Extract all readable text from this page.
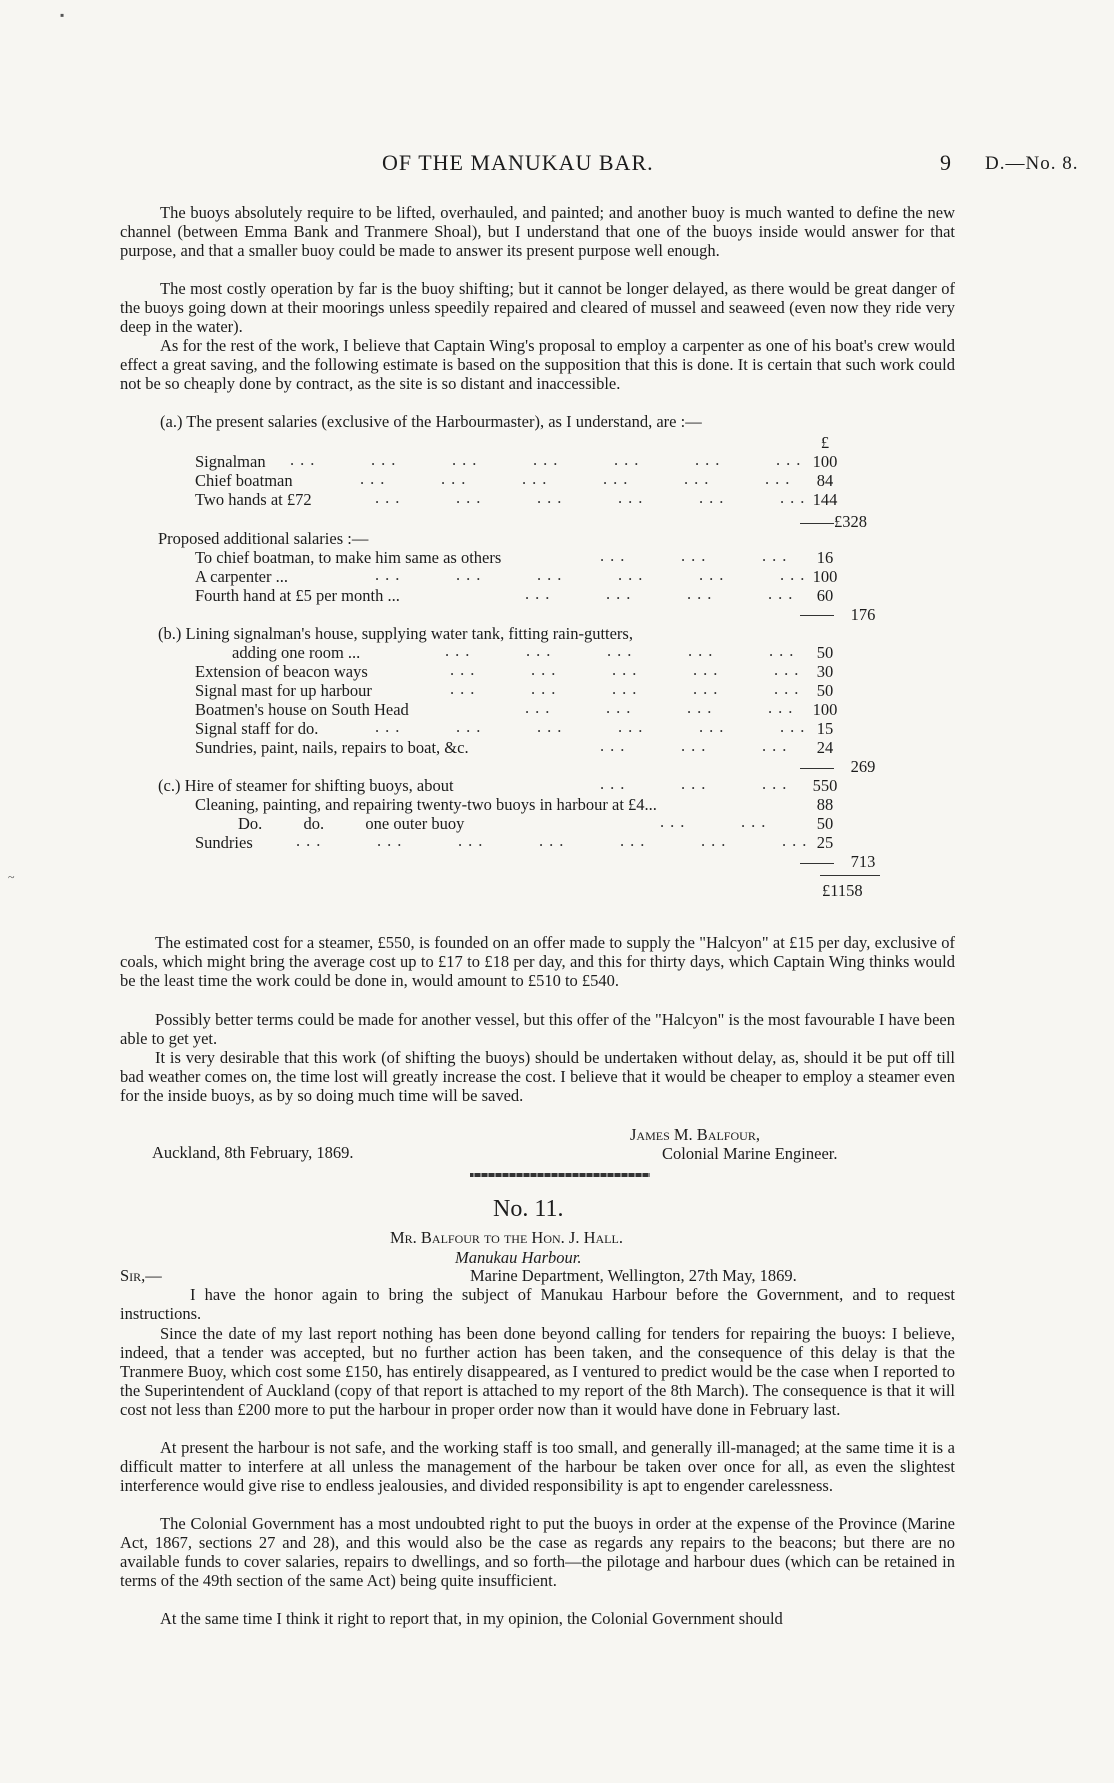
▪
~
OF THE MANUKAU BAR.	9 D.—No. 8.
The buoys absolutely require to be lifted, overhauled, and painted; and another buoy is much wanted to define the new channel (between Emma Bank and Tranmere Shoal), but I understand that one of the buoys inside would answer for that purpose, and that a smaller buoy could be made to answer its present purpose well enough.
The most costly operation by far is the buoy shifting; but it cannot be longer delayed, as there would be great danger of the buoys going down at their moorings unless speedily repaired and cleared of mussel and seaweed (even now they ride very deep in the water).
As for the rest of the work, I believe that Captain Wing's proposal to employ a carpenter as one of his boat's crew would effect a great saving, and the following estimate is based on the supposition that this is done. It is certain that such work could not be so cheaply done by contract, as the site is so distant and inaccessible.
(a.) The present salaries (exclusive of the Harbourmaster), as I understand, are :—
£
Signalman ...     ...     ...     ...     ...     ...     ... 100
Chief boatman	...     ...     ...     ...     ...     ...	84
Two hands at £72	...     ...     ...     ...     ...     ... 144
£328
Proposed additional salaries :—
To chief boatman, to make him same as others	...     ...     ...	16
A carpenter ...	...     ...     ...     ...     ...     ... 100
Fourth hand at £5 per month ...	...     ...     ...     ...	60
176
(b.) Lining signalman's house, supplying water tank, fitting rain-gutters,
adding one room ...	...     ...     ...     ...     ...	50
Extension of beacon ways	...     ...     ...     ...     ... 30
Signal mast for up harbour	...     ...     ...     ...     ... 50
Boatmen's house on South Head	...     ...     ...     ... 100
Signal staff for do.	...     ...     ...     ...     ...     ... 15
Sundries, paint, nails, repairs to boat, &c.	...     ...     ...	24
269
(c.) Hire of steamer for shifting buoys, about	...     ...     ...	550
Cleaning, painting, and repairing twenty-two buoys in harbour at £4...	88
Do.          do.          one outer buoy	...     ...	50
Sundries	...     ...     ...     ...     ...     ...     ... 25
713
£1158
The estimated cost for a steamer, £550, is founded on an offer made to supply the "Halcyon" at £15 per day, exclusive of coals, which might bring the average cost up to £17 to £18 per day, and this for thirty days, which Captain Wing thinks would be the least time the work could be done in, would amount to £510 to £540.
Possibly better terms could be made for another vessel, but this offer of the "Halcyon" is the most favourable I have been able to get yet.
It is very desirable that this work (of shifting the buoys) should be undertaken without delay, as, should it be put off till bad weather comes on, the time lost will greatly increase the cost. I believe that it would be cheaper to employ a steamer even for the inside buoys, as by so doing much time will be saved.
James M. Balfour,
Auckland, 8th February, 1869.	Colonial Marine Engineer.
No. 11.
Mr. Balfour to the Hon. J. Hall.
Manukau Harbour.
Sir,—	Marine Department, Wellington, 27th May, 1869.
I have the honor again to bring the subject of Manukau Harbour before the Government, and to request instructions.
Since the date of my last report nothing has been done beyond calling for tenders for repairing the buoys: I believe, indeed, that a tender was accepted, but no further action has been taken, and the consequence of this delay is that the Tranmere Buoy, which cost some £150, has entirely disappeared, as I ventured to predict would be the case when I reported to the Superintendent of Auckland (copy of that report is attached to my report of the 8th March). The consequence is that it will cost not less than £200 more to put the harbour in proper order now than it would have done in February last.
At present the harbour is not safe, and the working staff is too small, and generally ill-managed; at the same time it is a difficult matter to interfere at all unless the management of the harbour be taken over once for all, as even the slightest interference would give rise to endless jealousies, and divided responsibility is apt to engender carelessness.
The Colonial Government has a most undoubted right to put the buoys in order at the expense of the Province (Marine Act, 1867, sections 27 and 28), and this would also be the case as regards any repairs to the beacons; but there are no available funds to cover salaries, repairs to dwellings, and so forth—the pilotage and harbour dues (which can be retained in terms of the 49th section of the same Act) being quite insufficient.
At the same time I think it right to report that, in my opinion, the Colonial Government should
